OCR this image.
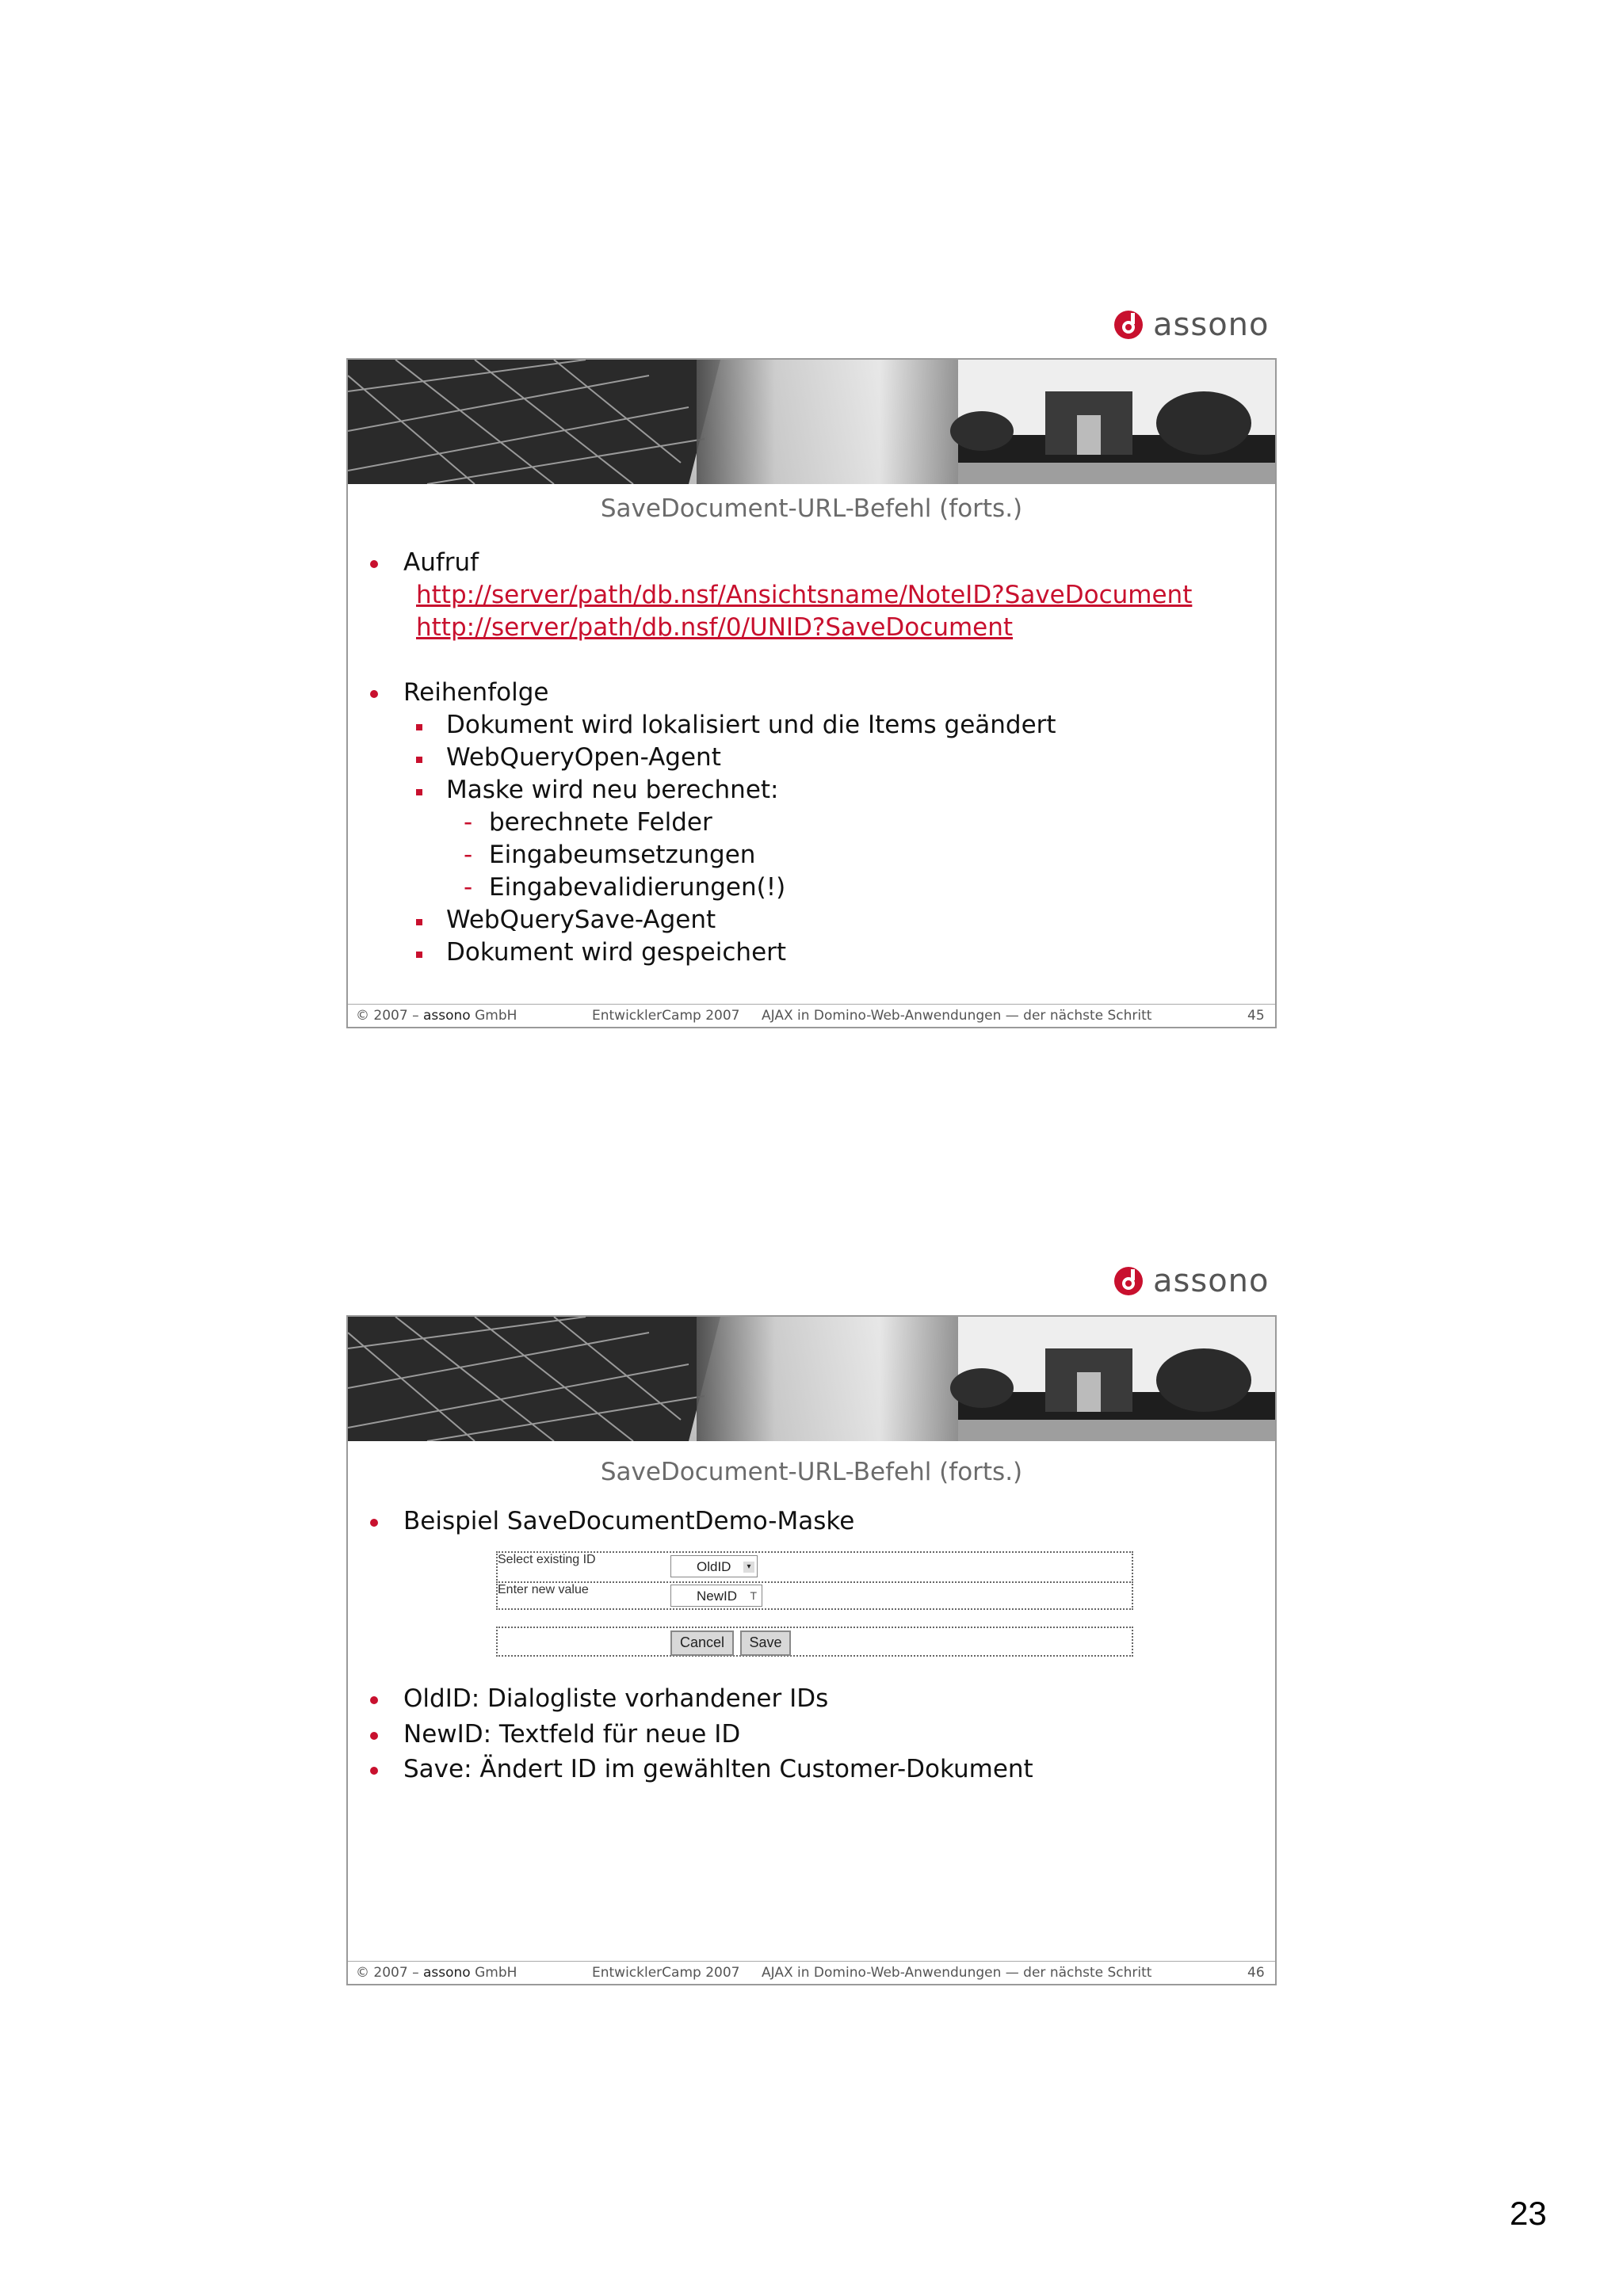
assono
SaveDocument-URL-Befehl (forts.)
Aufruf
http://server/path/db.nsf/Ansichtsname/NoteID?SaveDocument
http://server/path/db.nsf/0/UNID?SaveDocument
Reihenfolge
Dokument wird lokalisiert und die Items geändert
WebQueryOpen-Agent
Maske wird neu berechnet:
- berechnete Felder
- Eingabeumsetzungen
- Eingabevalidierungen(!)
WebQuerySave-Agent
Dokument wird gespeichert
© 2007 – assono GmbH	EntwicklerCamp 2007 AJAX in Domino-Web-Anwendungen — der nächste Schritt	45
assono
SaveDocument-URL-Befehl (forts.)
Beispiel SaveDocumentDemo-Maske
OldID: Dialogliste vorhandener IDs
NewID: Textfeld für neue ID
Save: Ändert ID im gewählten Customer-Dokument
© 2007 – assono GmbH	EntwicklerCamp 2007 AJAX in Domino-Web-Anwendungen — der nächste Schritt	46
Select existing ID	OldID	▾
Enter new value	NewID T
Cancel	Save
23
